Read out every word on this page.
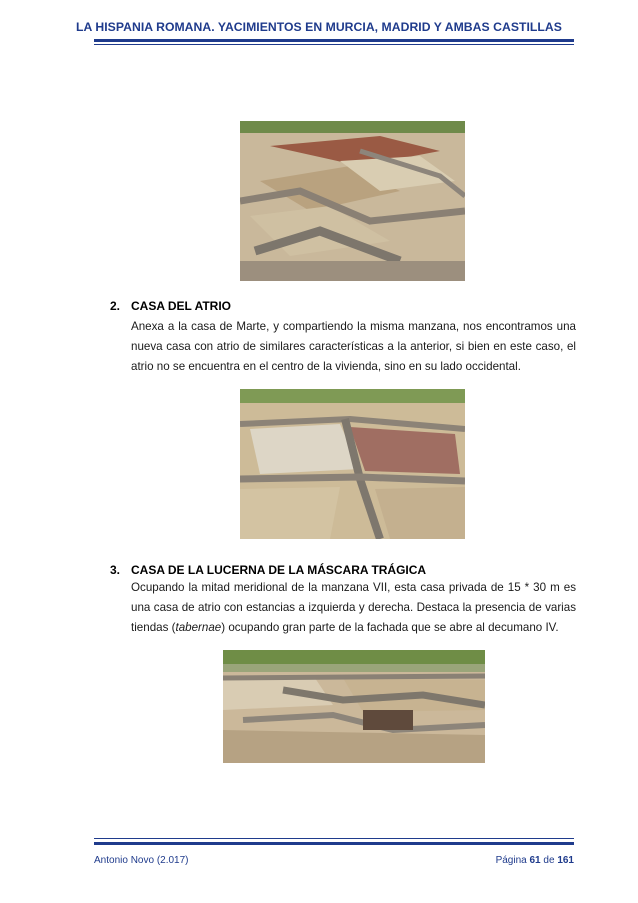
LA HISPANIA ROMANA. YACIMIENTOS EN MURCIA, MADRID Y AMBAS CASTILLAS
2. CASA DEL ATRIO
Anexa a la casa de Marte, y compartiendo la misma manzana, nos encontramos una
nueva casa con atrio de similares características a la anterior, si bien en este caso, el
atrio no se encuentra en el centro de la vivienda, sino en su lado occidental.
3. CASA DE LA LUCERNA DE LA MÁSCARA TRÁGICA
Ocupando la mitad meridional de la manzana VII, esta casa privada de 15 * 30 m es
una casa de atrio con estancias a izquierda y derecha. Destaca la presencia de varias
tiendas (tabernae) ocupando gran parte de la fachada que se abre al decumano IV.
Antonio Novo (2.017)	Página 61 de 161
